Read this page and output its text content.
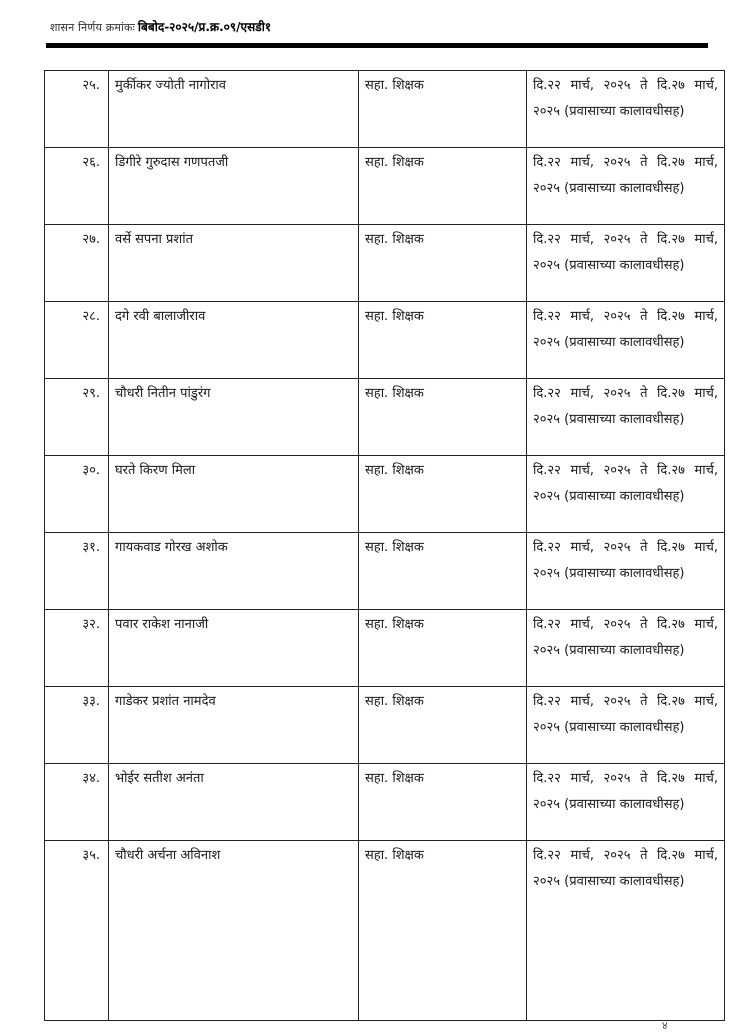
शासन निर्णय क्रमांकः बिबोद-२०२५/प्र.क्र.०९/एसडी१
२५.	मुर्कीकर ज्योती नागोराव	सहा. शिक्षक	दि.२२ मार्च, २०२५ ते दि.२७ मार्च, २०२५ (प्रवासाच्या कालावधीसह)
२६.	डिगीरे गुरुदास गणपतजी	सहा. शिक्षक	दि.२२ मार्च, २०२५ ते दि.२७ मार्च, २०२५ (प्रवासाच्या कालावधीसह)
२७.	वर्से सपना प्रशांत	सहा. शिक्षक	दि.२२ मार्च, २०२५ ते दि.२७ मार्च, २०२५ (प्रवासाच्या कालावधीसह)
२८.	दगे रवी बालाजीराव	सहा. शिक्षक	दि.२२ मार्च, २०२५ ते दि.२७ मार्च, २०२५ (प्रवासाच्या कालावधीसह)
२९.	चौधरी नितीन पांडुरंग	सहा. शिक्षक	दि.२२ मार्च, २०२५ ते दि.२७ मार्च, २०२५ (प्रवासाच्या कालावधीसह)
३०.	घरते किरण मिला	सहा. शिक्षक	दि.२२ मार्च, २०२५ ते दि.२७ मार्च, २०२५ (प्रवासाच्या कालावधीसह)
३१.	गायकवाड गोरख अशोक	सहा. शिक्षक	दि.२२ मार्च, २०२५ ते दि.२७ मार्च, २०२५ (प्रवासाच्या कालावधीसह)
३२.	पवार राकेश नानाजी	सहा. शिक्षक	दि.२२ मार्च, २०२५ ते दि.२७ मार्च, २०२५ (प्रवासाच्या कालावधीसह)
३३.	गाडेकर प्रशांत नामदेव	सहा. शिक्षक	दि.२२ मार्च, २०२५ ते दि.२७ मार्च, २०२५ (प्रवासाच्या कालावधीसह)
३४.	भोईर सतीश अनंता	सहा. शिक्षक	दि.२२ मार्च, २०२५ ते दि.२७ मार्च, २०२५ (प्रवासाच्या कालावधीसह)
३५.	चौधरी अर्चना अविनाश	सहा. शिक्षक	दि.२२ मार्च, २०२५ ते दि.२७ मार्च, २०२५ (प्रवासाच्या कालावधीसह)
४
